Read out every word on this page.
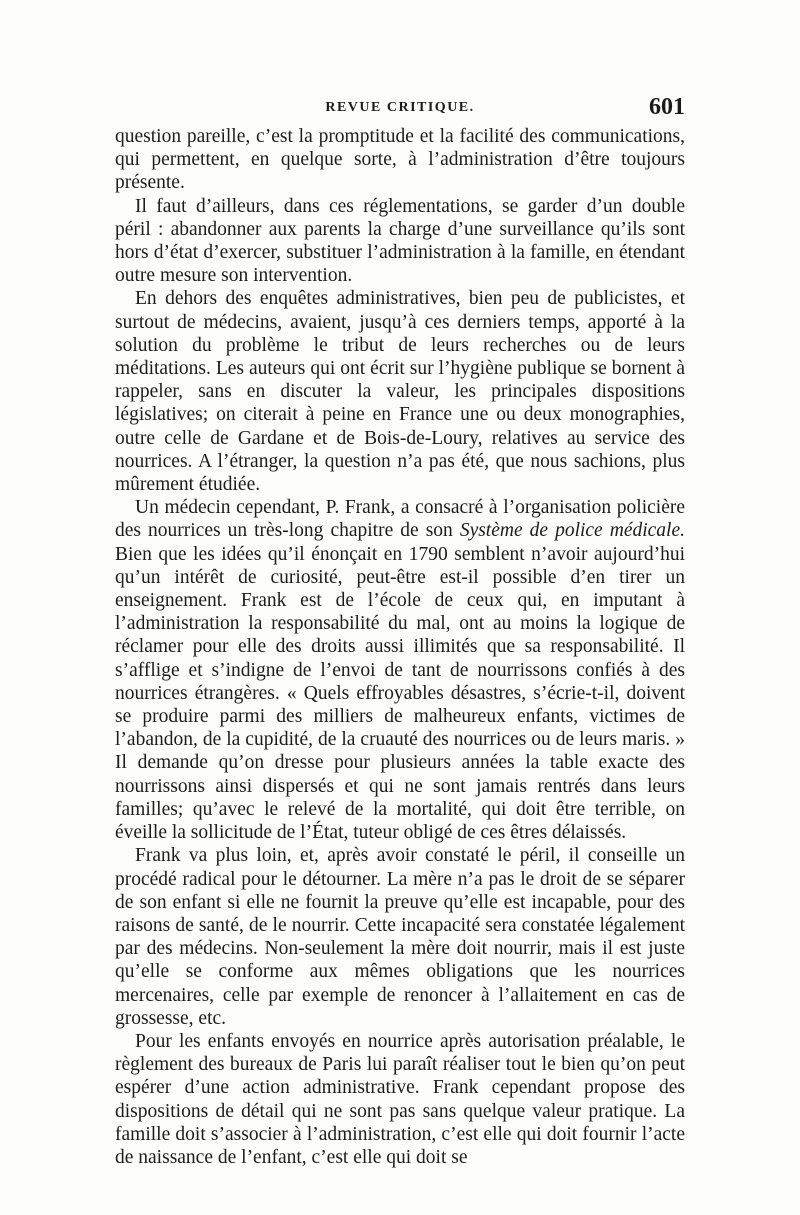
REVUE CRITIQUE.	601

question pareille, c’est la promptitude et la facilité des communications, qui permettent, en quelque sorte, à l’administration d’être toujours présente.

Il faut d’ailleurs, dans ces réglementations, se garder d’un double péril : abandonner aux parents la charge d’une surveillance qu’ils sont hors d’état d’exercer, substituer l’administration à la famille, en étendant outre mesure son intervention.

En dehors des enquêtes administratives, bien peu de publicistes, et surtout de médecins, avaient, jusqu’à ces derniers temps, apporté à la solution du problème le tribut de leurs recherches ou de leurs méditations. Les auteurs qui ont écrit sur l’hygiène publique se bornent à rappeler, sans en discuter la valeur, les principales dispositions législatives; on citerait à peine en France une ou deux monographies, outre celle de Gardane et de Bois-de-Loury, relatives au service des nourrices. A l’étranger, la question n’a pas été, que nous sachions, plus mûrement étudiée.

Un médecin cependant, P. Frank, a consacré à l’organisation policière des nourrices un très-long chapitre de son Système de police médicale. Bien que les idées qu’il énonçait en 1790 semblent n’avoir aujourd’hui qu’un intérêt de curiosité, peut-être est-il possible d’en tirer un enseignement. Frank est de l’école de ceux qui, en imputant à l’administration la responsabilité du mal, ont au moins la logique de réclamer pour elle des droits aussi illimités que sa responsabilité. Il s’afflige et s’indigne de l’envoi de tant de nourrissons confiés à des nourrices étrangères. « Quels effroyables désastres, s’écrie-t-il, doivent se produire parmi des milliers de malheureux enfants, victimes de l’abandon, de la cupidité, de la cruauté des nourrices ou de leurs maris. » Il demande qu’on dresse pour plusieurs années la table exacte des nourrissons ainsi dispersés et qui ne sont jamais rentrés dans leurs familles; qu’avec le relevé de la mortalité, qui doit être terrible, on éveille la sollicitude de l’État, tuteur obligé de ces êtres délaissés.

Frank va plus loin, et, après avoir constaté le péril, il conseille un procédé radical pour le détourner. La mère n’a pas le droit de se séparer de son enfant si elle ne fournit la preuve qu’elle est incapable, pour des raisons de santé, de le nourrir. Cette incapacité sera constatée légalement par des médecins. Non-seulement la mère doit nourrir, mais il est juste qu’elle se conforme aux mêmes obligations que les nourrices mercenaires, celle par exemple de renoncer à l’allaitement en cas de grossesse, etc.

Pour les enfants envoyés en nourrice après autorisation préalable, le règlement des bureaux de Paris lui paraît réaliser tout le bien qu’on peut espérer d’une action administrative. Frank cependant propose des dispositions de détail qui ne sont pas sans quelque valeur pratique. La famille doit s’associer à l’administration, c’est elle qui doit fournir l’acte de naissance de l’enfant, c’est elle qui doit se
